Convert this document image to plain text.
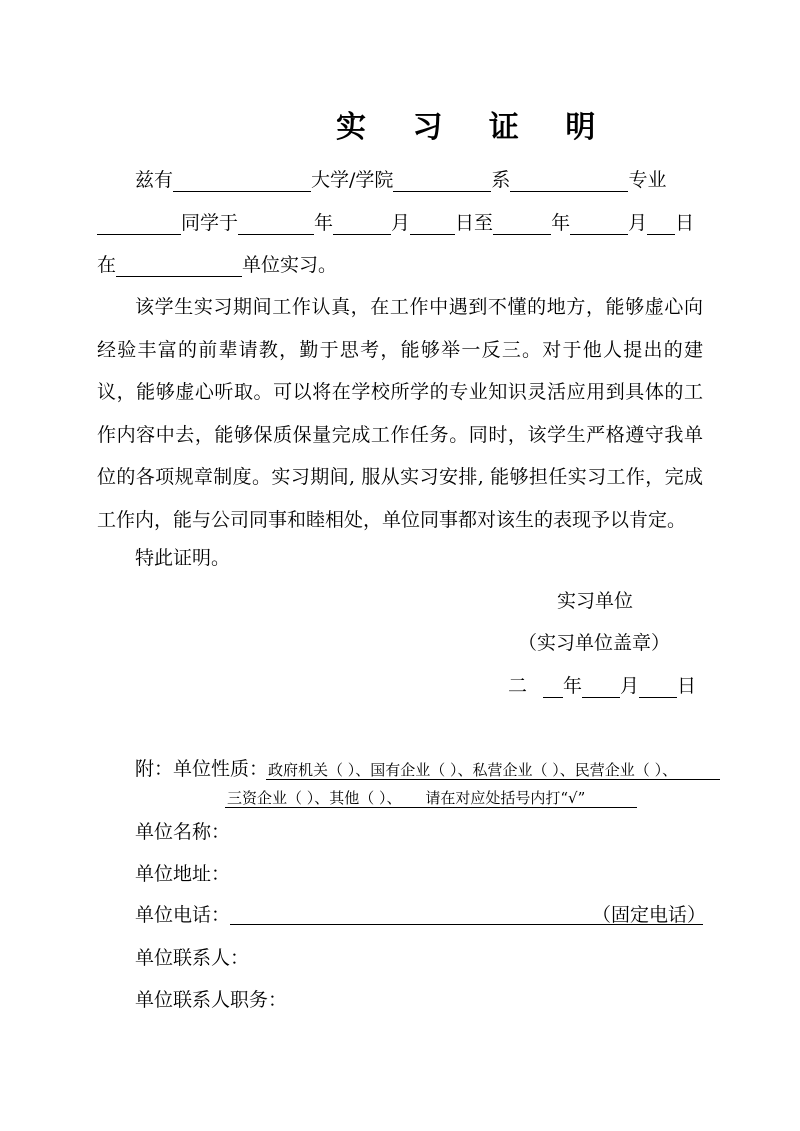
实 习 证 明
兹有	大学/学院	系	专业
同学于	年	月 日至	年	月 日
在	单位实习。
该学生实习期间工作认真，在工作中遇到不懂的地方，能够虚心向经验丰富的前辈请教，勤于思考，能够举一反三。对于他人提出的建议，能够虚心听取。可以将在学校所学的专业知识灵活应用到具体的工作内容中去，能够保质保量完成工作任务。同时，该学生严格遵守我单位的各项规章制度。实习期间, 服从实习安排, 能够担任实习工作，完成工作内，能与公司同事和睦相处，单位同事都对该生的表现予以肯定。
特此证明。
实习单位
（实习单位盖章）
二 年 月 日
附：单位性质： 政府机关（ ）、国有企业（ ）、私营企业（ ）、民营企业（ ）、
三资企业（ ）、其他（ ）、     请在对应处括号内打“√”
单位名称：
单位地址：
单位电话：	（固定电话）
单位联系人：
单位联系人职务：
